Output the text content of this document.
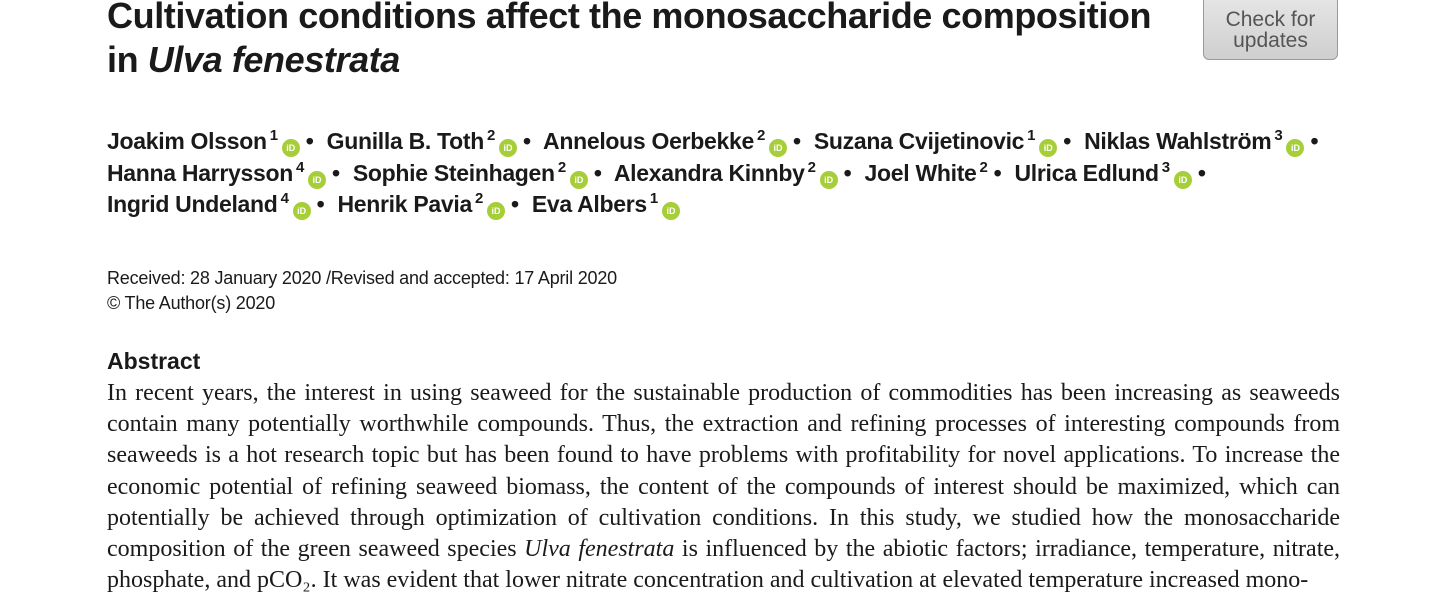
Cultivation conditions affect the monosaccharide composition
in Ulva fenestrata
Check for
updates
Joakim Olsson $^1$iD • Gunilla B. Toth $^2$iD • Annelous Oerbekke $^2$iD • Suzana Cvijetinovic $^1$iD • Niklas Wahlström $^3$iD •
Hanna Harrysson $^4$iD • Sophie Steinhagen $^2$iD • Alexandra Kinnby $^2$iD • Joel White $^2$ • Ulrica Edlund $^3$iD •
Ingrid Undeland $^4$iD • Henrik Pavia $^2$iD • Eva Albers $^1$iD
Received: 28 January 2020 /Revised and accepted: 17 April 2020
© The Author(s) 2020
Abstract

In recent years, the interest in using seaweed for the sustainable production of commodities has been increasing as seaweeds contain many potentially worthwhile compounds. Thus, the extraction and refining processes of interesting compounds from seaweeds is a hot research topic but has been found to have problems with profitability for novel applications. To increase the economic potential of refining seaweed biomass, the content of the compounds of interest should be maximized, which can potentially be achieved through optimization of cultivation conditions. In this study, we studied how the monosaccharide composition of the green seaweed species Ulva fenestrata is influenced by the abiotic factors; irradiance, temperature, nitrate, phosphate, and pCO₂. It was evident that lower nitrate concentration and cultivation at elevated temperature increased mono-
